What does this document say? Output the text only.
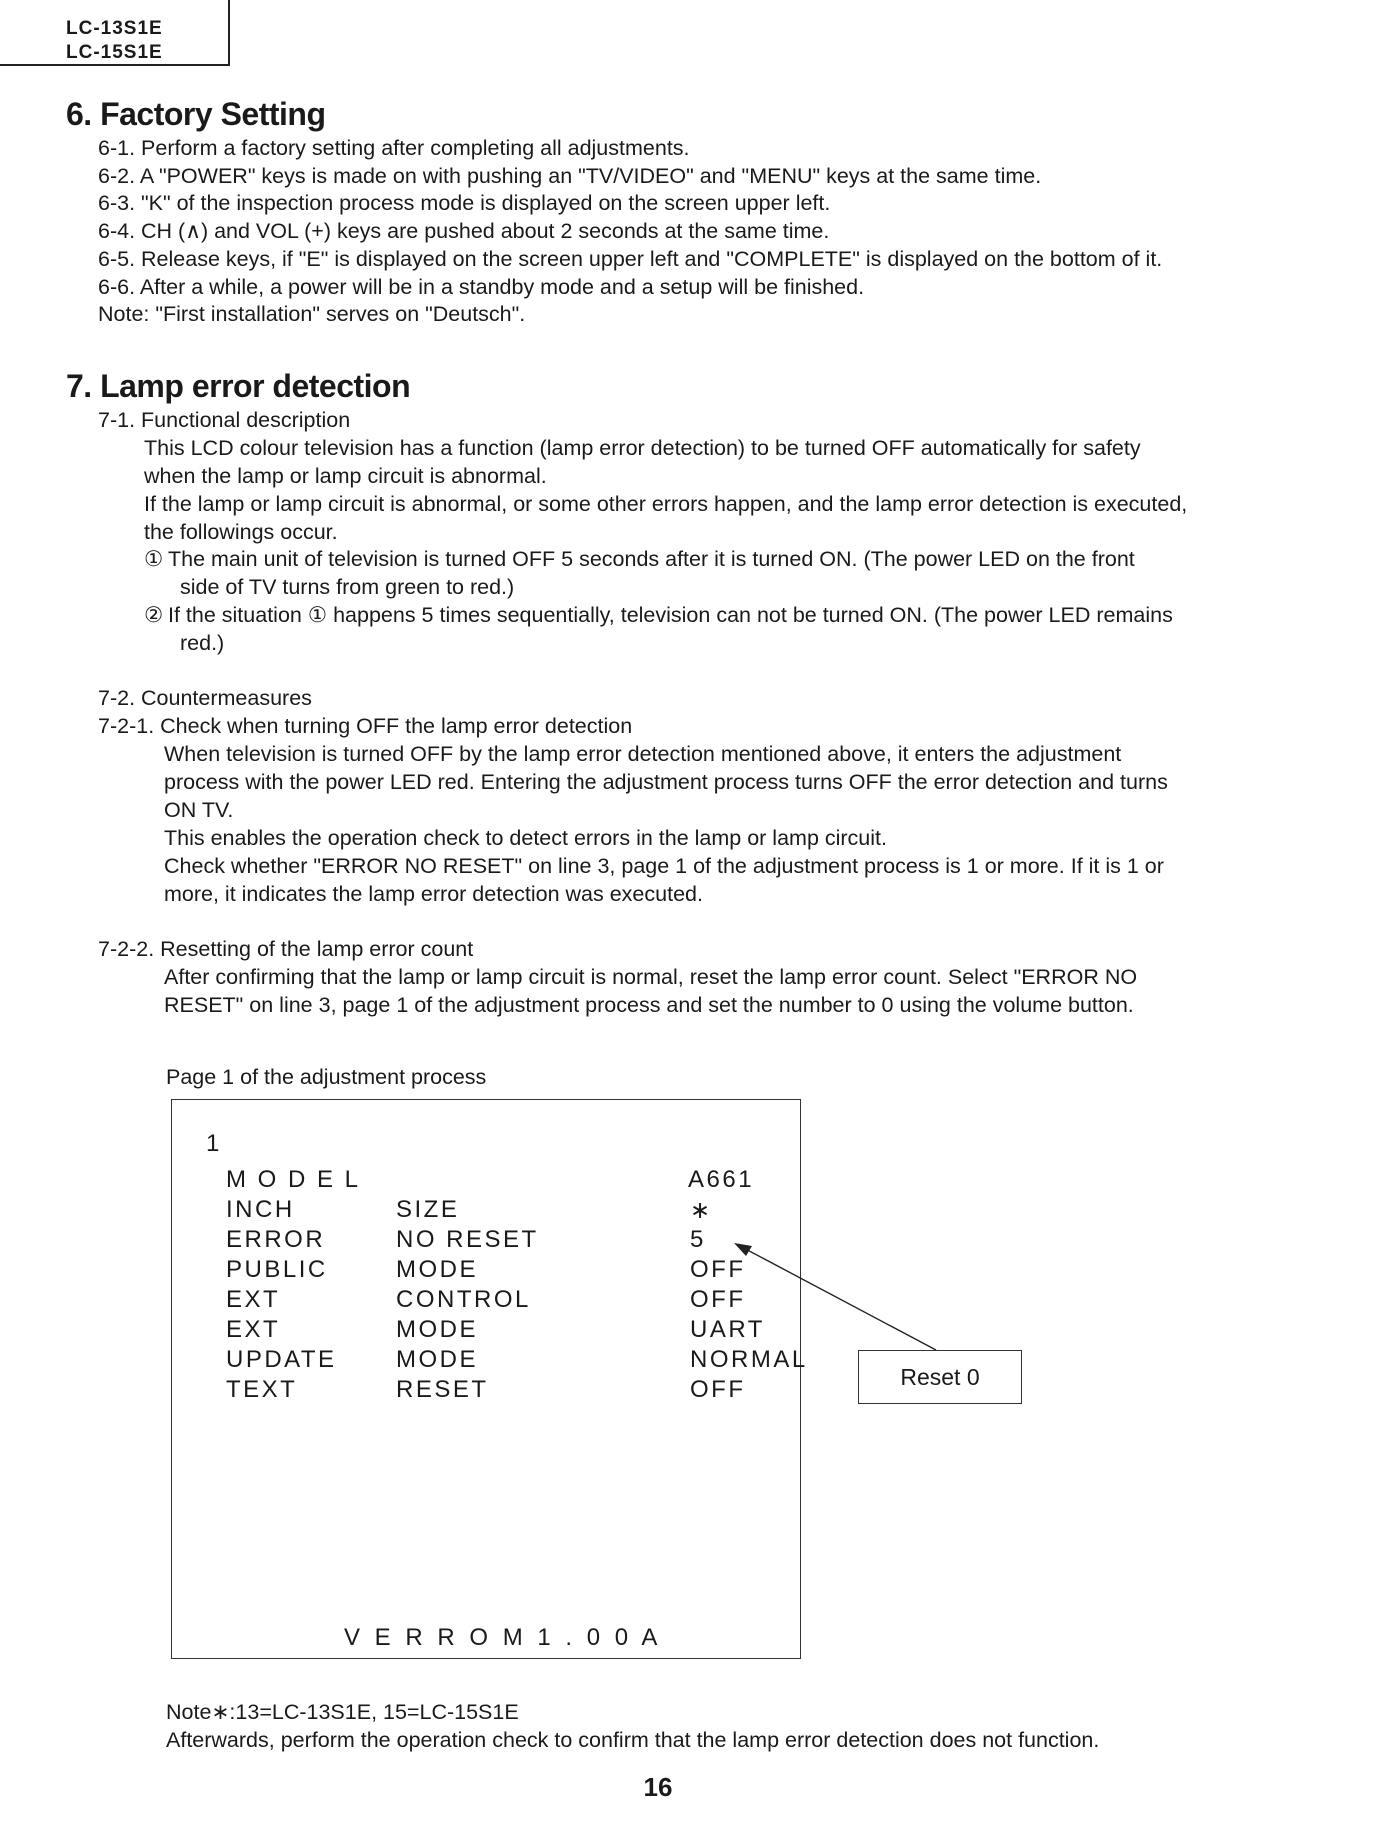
LC-13S1E
LC-15S1E
6. Factory Setting
6-1. Perform a factory setting after completing all adjustments.
6-2. A "POWER" keys is made on with pushing an "TV/VIDEO" and "MENU" keys at the same time.
6-3. "K" of the inspection process mode is displayed on the screen upper left.
6-4. CH (∧) and VOL (+) keys are pushed about 2 seconds at the same time.
6-5. Release keys, if "E" is displayed on the screen upper left and "COMPLETE" is displayed on the bottom of it.
6-6. After a while, a power will be in a standby mode and a setup will be finished.
Note: "First installation" serves on "Deutsch".
7. Lamp error detection
7-1. Functional description
This LCD colour television has a function (lamp error detection) to be turned OFF automatically for safety
when the lamp or lamp circuit is abnormal.
If the lamp or lamp circuit is abnormal, or some other errors happen, and the lamp error detection is executed,
the followings occur.
① The main unit of television is turned OFF 5 seconds after it is turned ON. (The power LED on the front
side of TV turns from green to red.)
② If the situation ① happens 5 times sequentially, television can not be turned ON. (The power LED remains
red.)
7-2. Countermeasures
7-2-1. Check when turning OFF the lamp error detection
When television is turned OFF by the lamp error detection mentioned above, it enters the adjustment
process with the power LED red. Entering the adjustment process turns OFF the error detection and turns
ON TV.
This enables the operation check to detect errors in the lamp or lamp circuit.
Check whether "ERROR NO RESET" on line 3, page 1 of the adjustment process is 1 or more. If it is 1 or
more, it indicates the lamp error detection was executed.
7-2-2. Resetting of the lamp error count
After confirming that the lamp or lamp circuit is normal, reset the lamp error count. Select "ERROR NO
RESET" on line 3, page 1 of the adjustment process and set the number to 0 using the volume button.
Page 1 of the adjustment process
1
M O D E L	A661
INCH	SIZE	∗
ERROR	NO RESET	5
PUBLIC	MODE	OFF
EXT	CONTROL	OFF
EXT	MODE	UART
UPDATE MODE	NORMAL
TEXT	RESET	OFF
V E R R O M 1 . 0 0 A
Reset 0
Note∗:13=LC-13S1E, 15=LC-15S1E
Afterwards, perform the operation check to confirm that the lamp error detection does not function.
16
